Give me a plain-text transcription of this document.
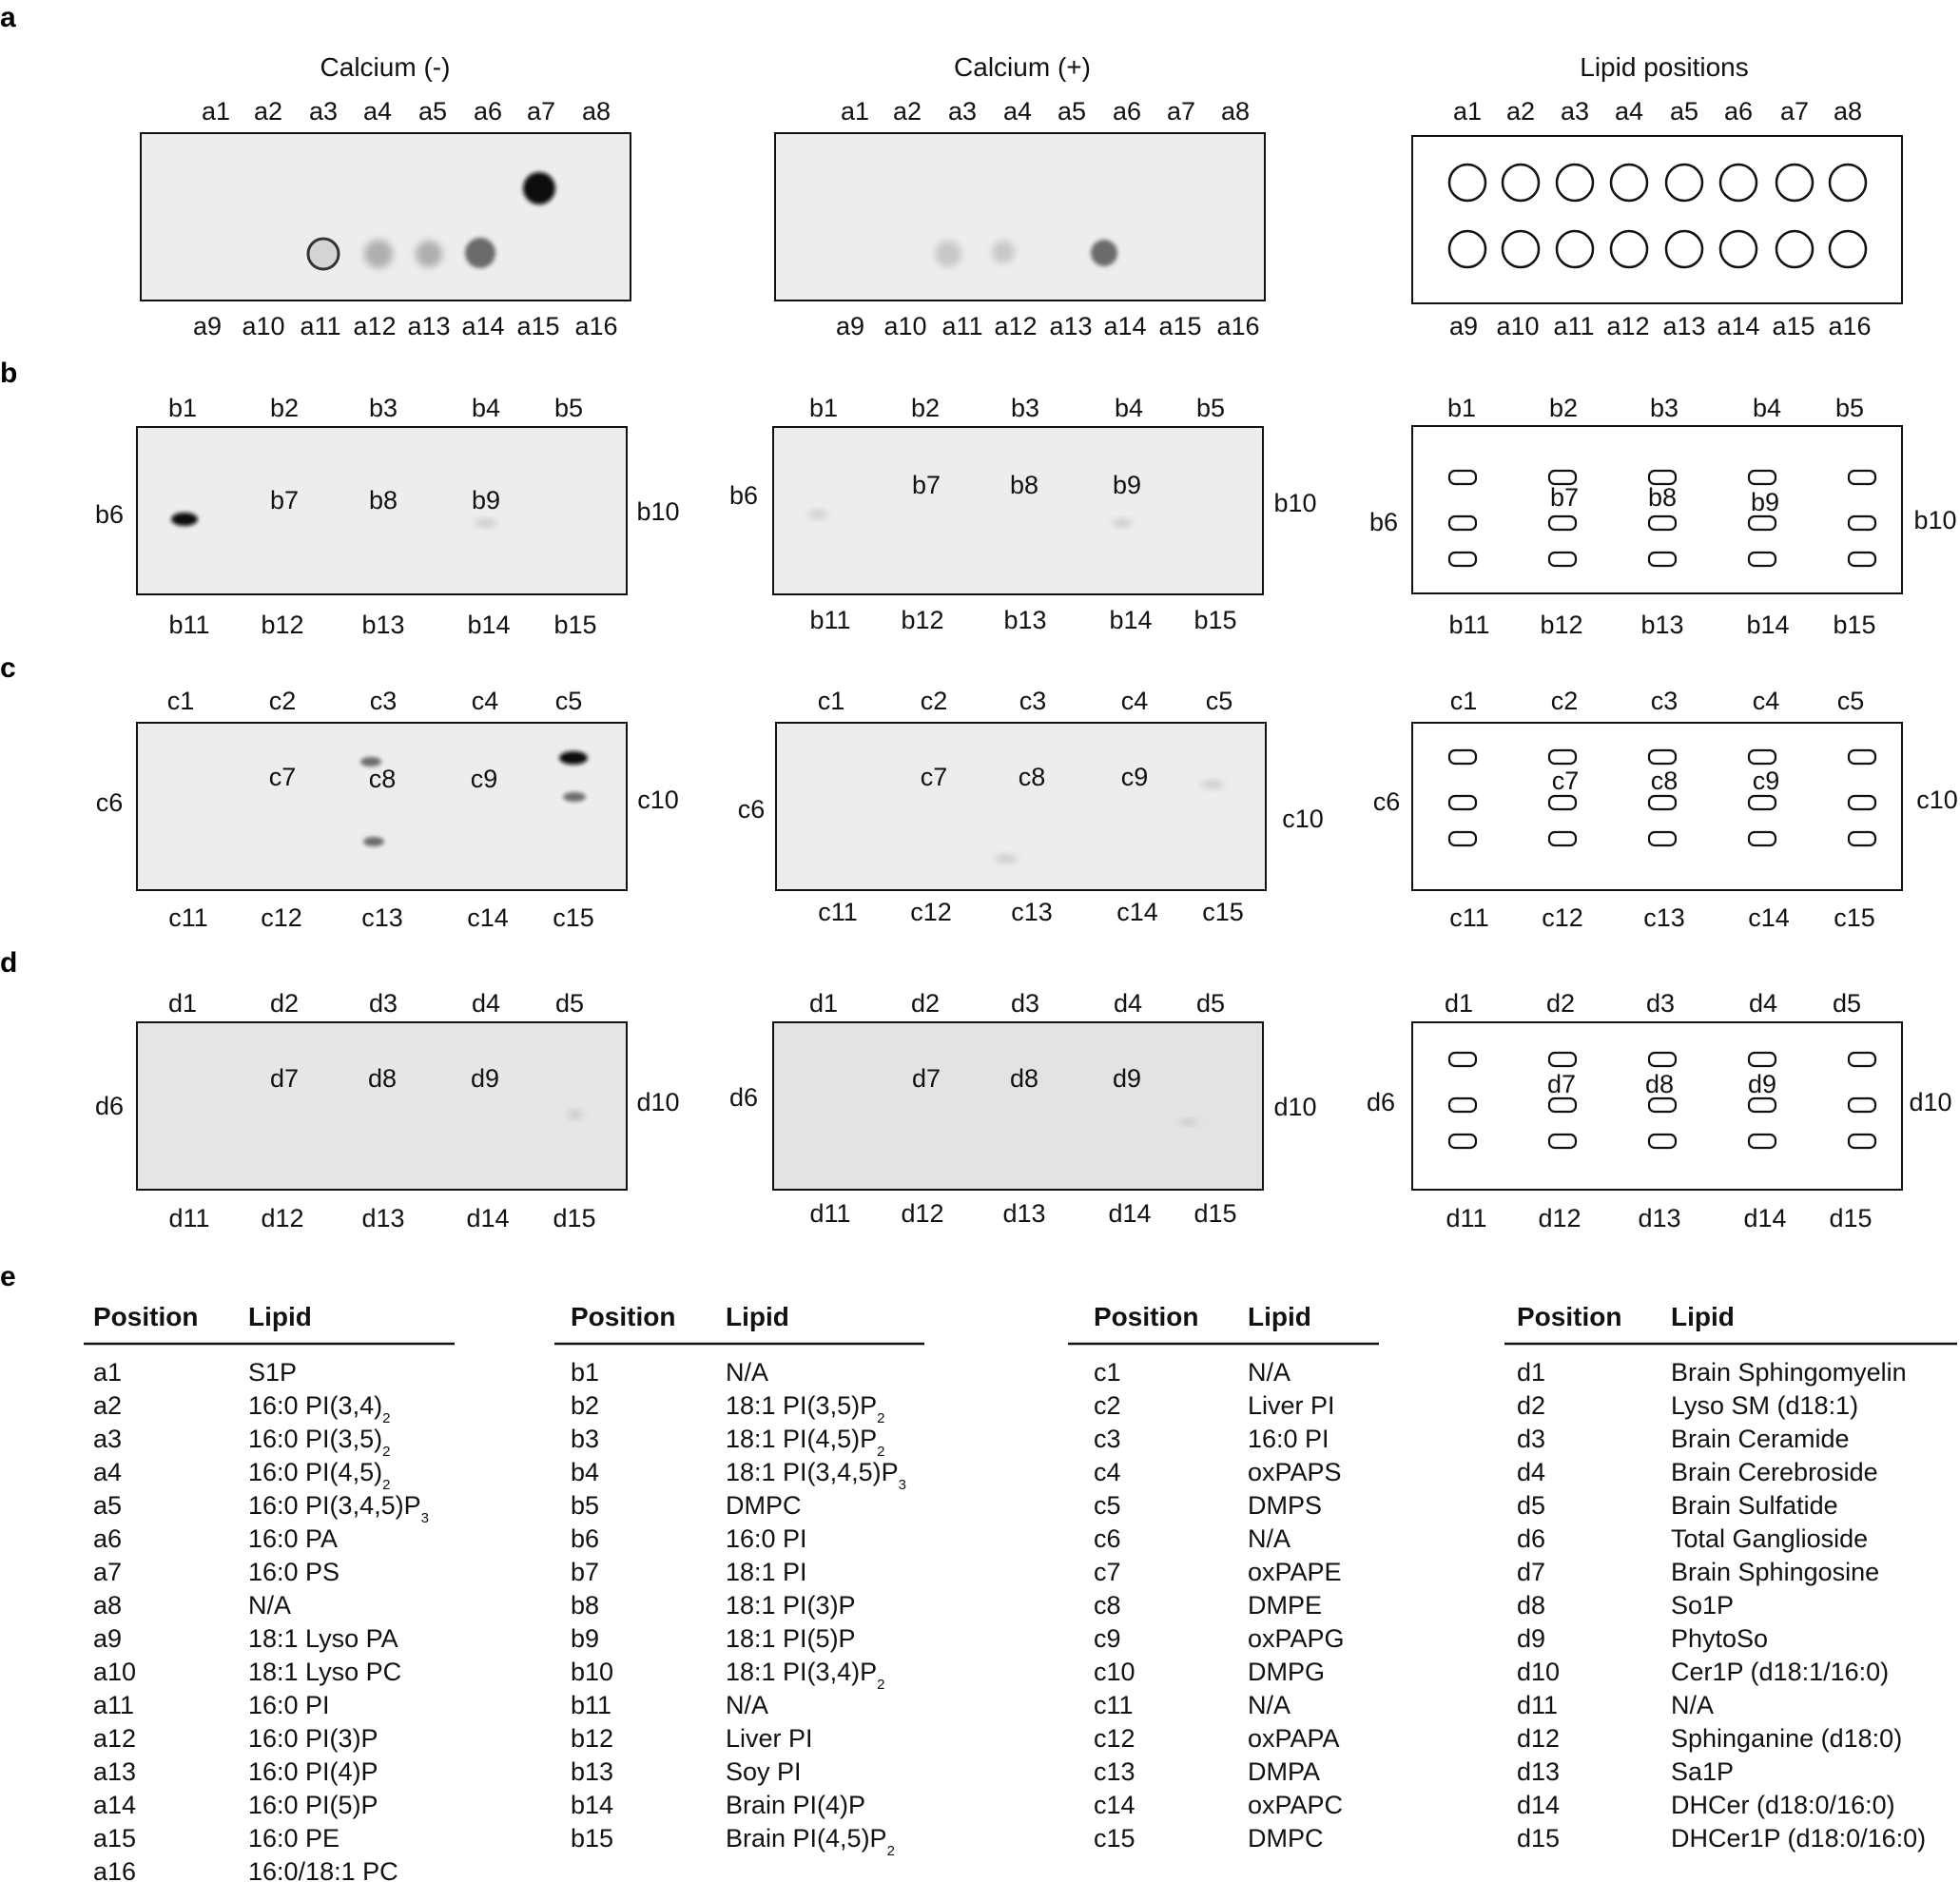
a
b
c
d
e
Calcium (-)	Calcium (+)	Lipid positions
a1 a2 a3 a4 a5 a6 a7 a8
a9 a10 a11 a12 a13 a14 a15 a16
a1 a2 a3 a4 a5 a6 a7 a8
a9 a10 a11 a12 a13 a14 a15 a16
a1 a2 a3 a4 a5 a6 a7 a8
a9 a10 a11 a12 a13 a14 a15 a16
b1	b2	b3	b4 b5
b6	b7	b8	b9	b10
b11 b12 b13 b14 b15
b1	b2	b3	b4 b5
b6	b7	b8	b9
b10
b11 b12 b13 b14 b15
b1	b2	b3	b4 b5
b6
b7	b8	b9
b10
b11 b12 b13 b14 b15
c1	c2	c3	c4 c5
c6
c7	c8	c9
c10
c11 c12 c13 c14 c15
c1	c2	c3	c4 c5
c6
c7	c8	c9
c10
c11 c12 c13 c14 c15
c1	c2	c3	c4 c5
c6
c7	c8	c9
c10
c11 c12 c13 c14 c15
d1	d2	d3	d4 d5
d6
d7	d8	d9
d10
d11 d12 d13 d14 d15
d1	d2	d3	d4 d5
d6
d7	d8	d9
d10
d11 d12 d13 d14 d15
d1	d2	d3	d4 d5
d6
d7	d8	d9
d10
d11 d12 d13 d14 d15
Position Lipid
a1	S1P
a2	16:0 $PI(3,4)_2$
a3	16:0 $PI(3,5)_2$
a4	16:0 $PI(4,5)_2$
a5	16:0 $PI(3,4,5)P_3$
a6	16:0 PA
a7	16:0 PS
a8	N/A
a9	18:1 Lyso PA
a10	18:1 Lyso PC
a11	16:0 PI
a12	16:0 PI(3)P
a13	16:0 PI(4)P
a14	16:0 PI(5)P
a15	16:0 PE
a16	16:0/18:1 PC
Position Lipid
b1	N/A
b2	18:1 $PI(3,5)P_2$
b3	18:1 $PI(4,5)P_2$
b4	18:1 $PI(3,4,5)P_3$
b5	DMPC
b6	16:0 PI
b7	18:1 PI
b8	18:1 PI(3)P
b9	18:1 PI(5)P
b10	18:1 $PI(3,4)P_2$
b11	N/A
b12	Liver PI
b13	Soy PI
b14	Brain PI(4)P
b15	Brain $PI(4,5)P_2$
Position Lipid
c1	N/A
c2	Liver PI
c3	16:0 PI
c4	oxPAPS
c5	DMPS
c6	N/A
c7	oxPAPE
c8	DMPE
c9	oxPAPG
c10	DMPG
c11	N/A
c12	oxPAPA
c13	DMPA
c14	oxPAPC
c15	DMPC
Position Lipid
d1	Brain Sphingomyelin
d2	Lyso SM (d18:1)
d3	Brain Ceramide
d4	Brain Cerebroside
d5	Brain Sulfatide
d6	Total Ganglioside
d7	Brain Sphingosine
d8	So1P
d9	PhytoSo
d10	Cer1P (d18:1/16:0)
d11	N/A
d12	Sphinganine (d18:0)
d13	Sa1P
d14	DHCer (d18:0/16:0)
d15	DHCer1P (d18:0/16:0)
